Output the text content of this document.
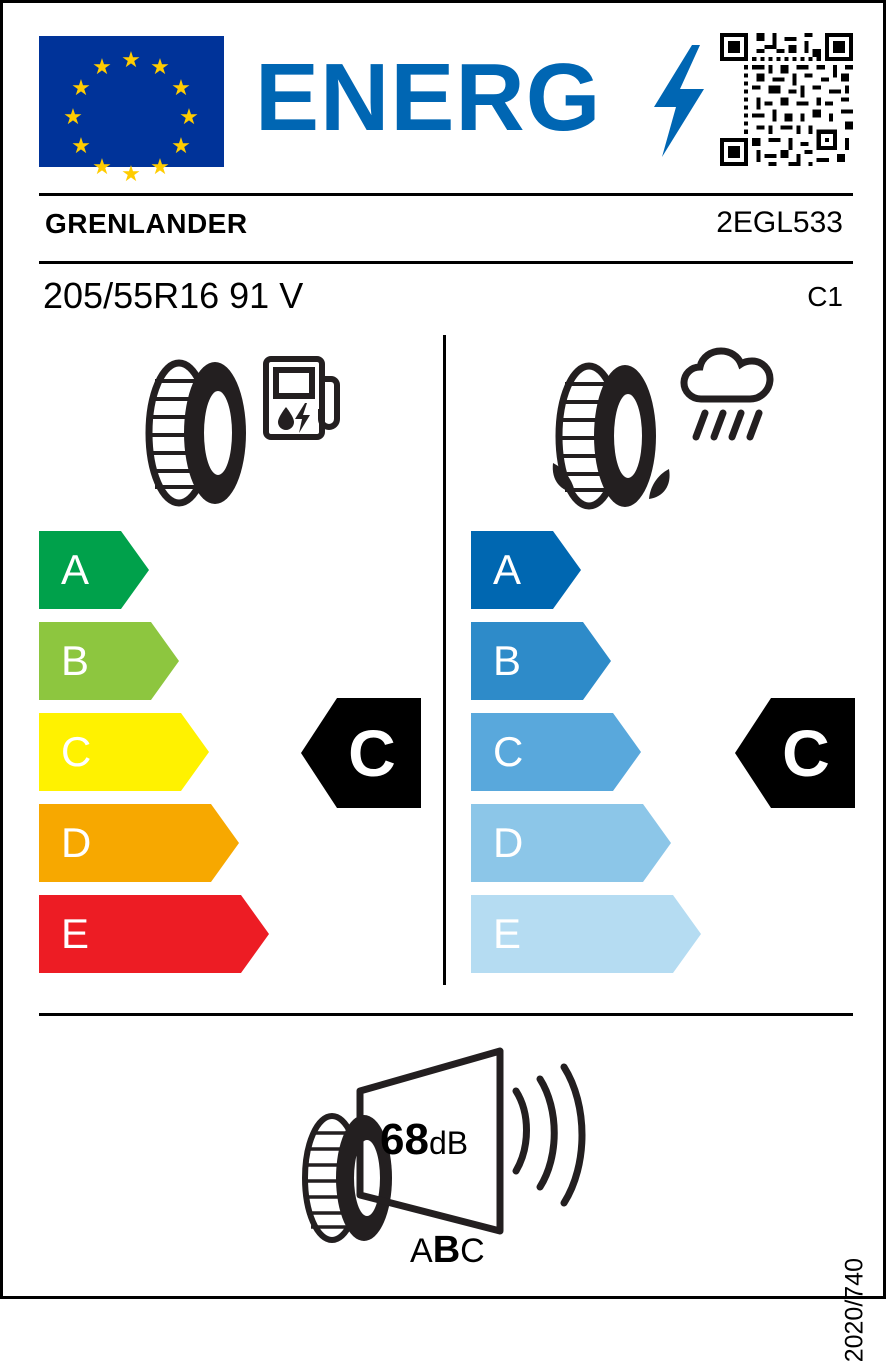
★ ★
★
★
★
★
★
★
★
★
★
★ ENERG
GRENLANDER	2EGL533
205/55R16 91 V	C1
A
B
C
D
E
C
A
B
C
D
E
C
68dB
ABC
2020/740
